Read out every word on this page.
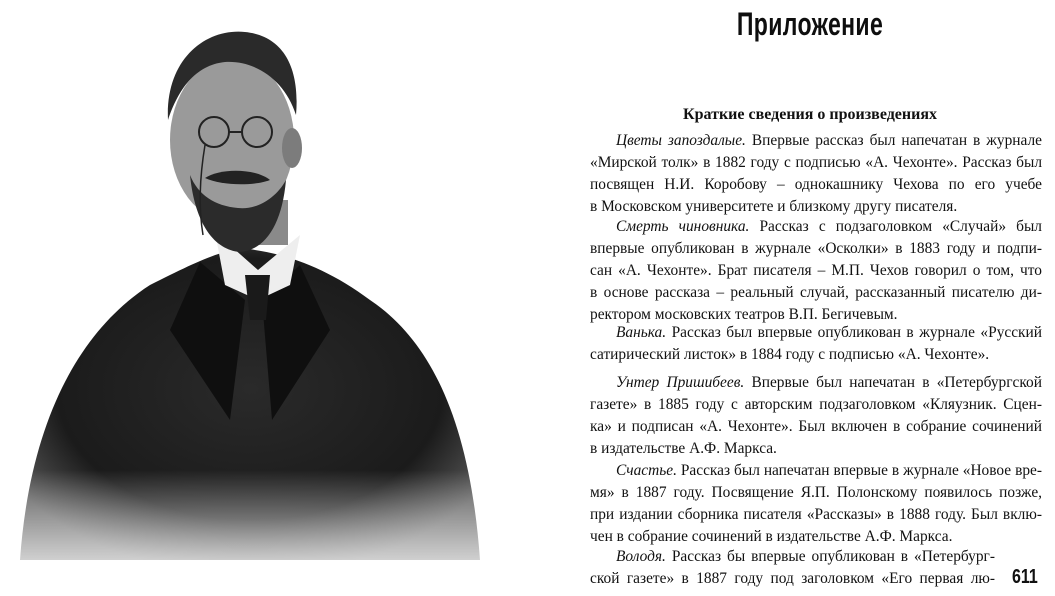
Приложение
Краткие сведения о произведениях
Цветы запоздалые. Впервые рассказ был напечатан в журнале
«Мирской толк» в 1882 году с подписью «А. Чехонте». Рассказ был
посвящен Н.И. Коробову – однокашнику Чехова по его учебе
в Московском университете и близкому другу писателя.
Смерть чиновника. Рассказ с подзаголовком «Случай» был
впервые опубликован в журнале «Осколки» в 1883 году и подпи-
сан «А. Чехонте». Брат писателя – М.П. Чехов говорил о том, что
в основе рассказа – реальный случай, рассказанный писателю ди-
ректором московских театров В.П. Бегичевым.
Ванька. Рассказ был впервые опубликован в журнале «Русский
сатирический листок» в 1884 году с подписью «А. Чехонте».
Унтер Пришибеев. Впервые был напечатан в «Петербургской
газете» в 1885 году с авторским подзаголовком «Кляузник. Сцен-
ка» и подписан «А. Чехонте». Был включен в собрание сочинений
в издательстве А.Ф. Маркса.
Счастье. Рассказ был напечатан впервые в журнале «Новое вре-
мя» в 1887 году. Посвящение Я.П. Полонскому появилось позже,
при издании сборника писателя «Рассказы» в 1888 году. Был вклю-
чен в собрание сочинений в издательстве А.Ф. Маркса.
Володя. Рассказ бы впервые опубликован в «Петербург-
ской газете» в 1887 году под заголовком «Его первая лю- 611
